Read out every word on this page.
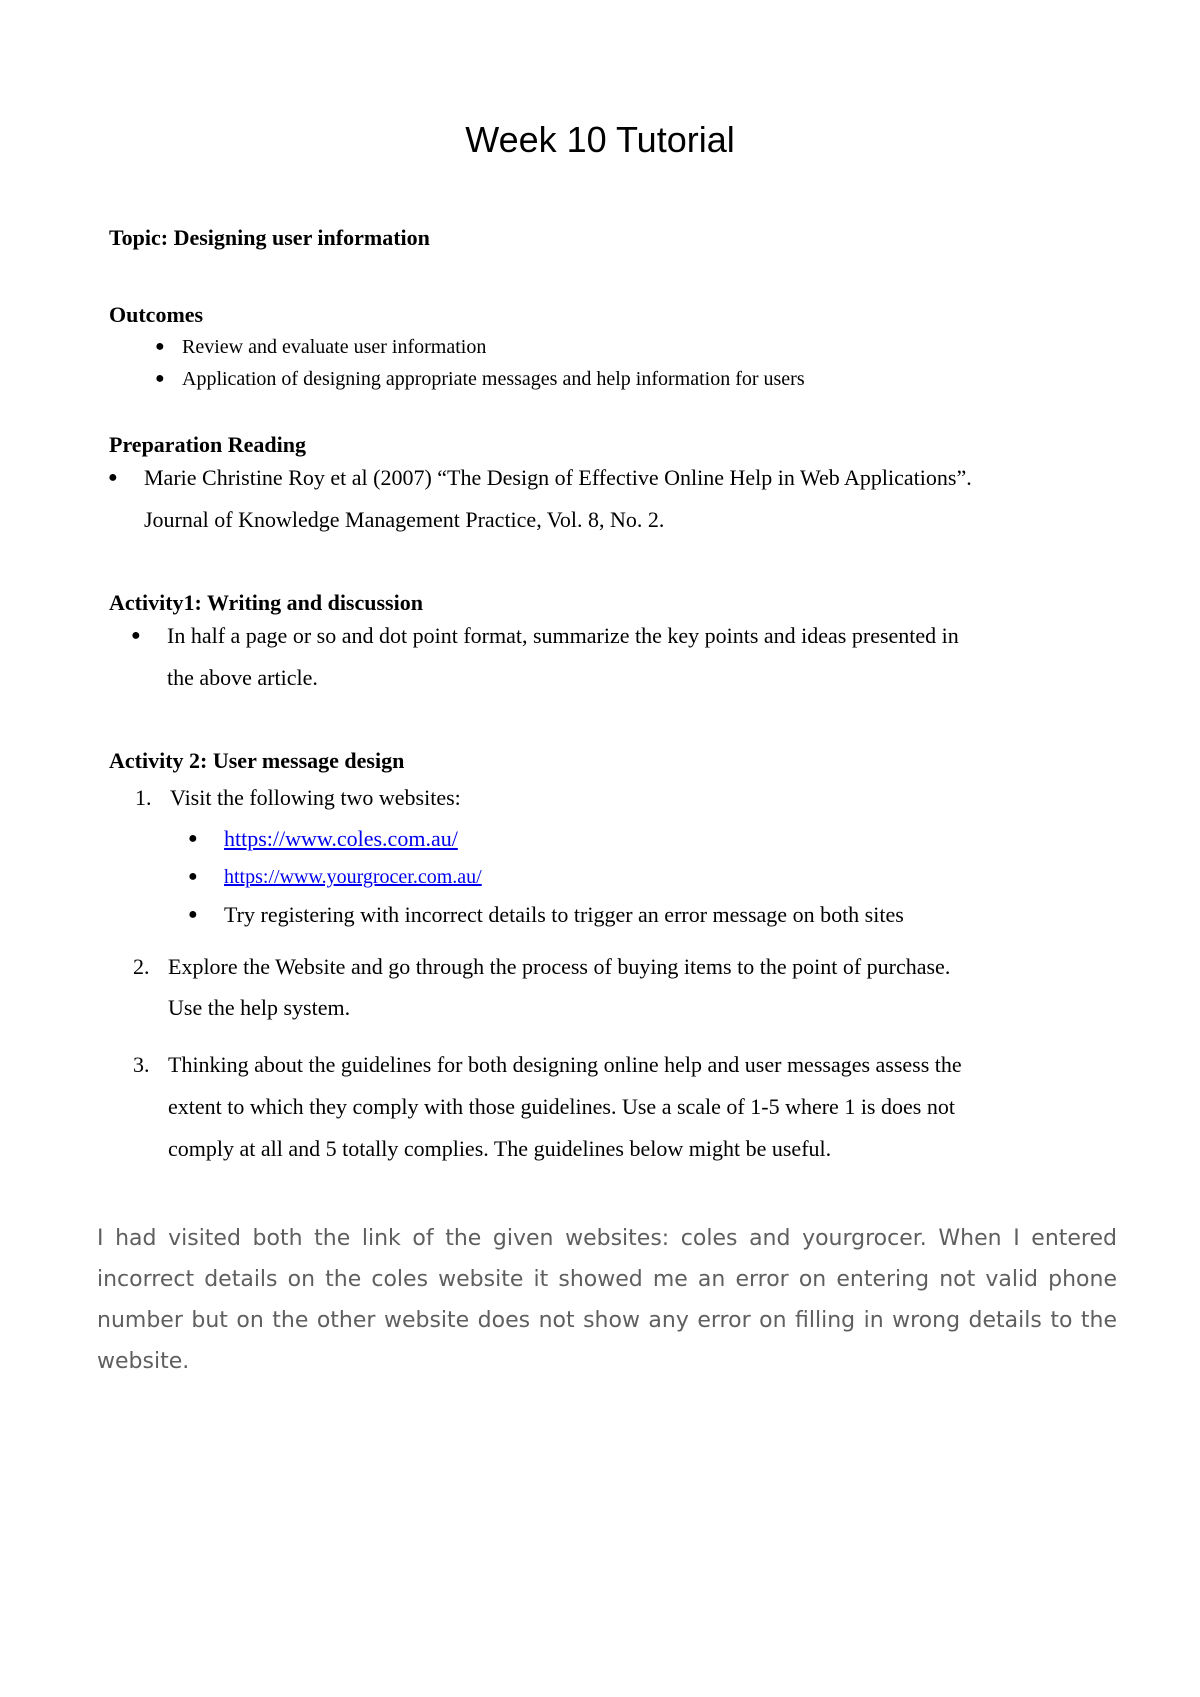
Week 10 Tutorial
Topic: Designing user information
Outcomes
● Review and evaluate user information
● Application of designing appropriate messages and help information for users
Preparation Reading
● Marie Christine Roy et al (2007) “The Design of Effective Online Help in Web Applications”.
Journal of Knowledge Management Practice, Vol. 8, No. 2.
Activity1: Writing and discussion
● In half a page or so and dot point format, summarize the key points and ideas presented in
the above article.
Activity 2: User message design
1. Visit the following two websites:
● https://www.coles.com.au/
● https://www.yourgrocer.com.au/
● Try registering with incorrect details to trigger an error message on both sites
2. Explore the Website and go through the process of buying items to the point of purchase.
Use the help system.
3. Thinking about the guidelines for both designing online help and user messages assess the
extent to which they comply with those guidelines. Use a scale of 1-5 where 1 is does not
comply at all and 5 totally complies. The guidelines below might be useful.
I had visited both the link of the given websites: coles and yourgrocer. When I entered incorrect details on the coles website it showed me an error on entering not valid phone number but on the other website does not show any error on filling in wrong details to the website.
